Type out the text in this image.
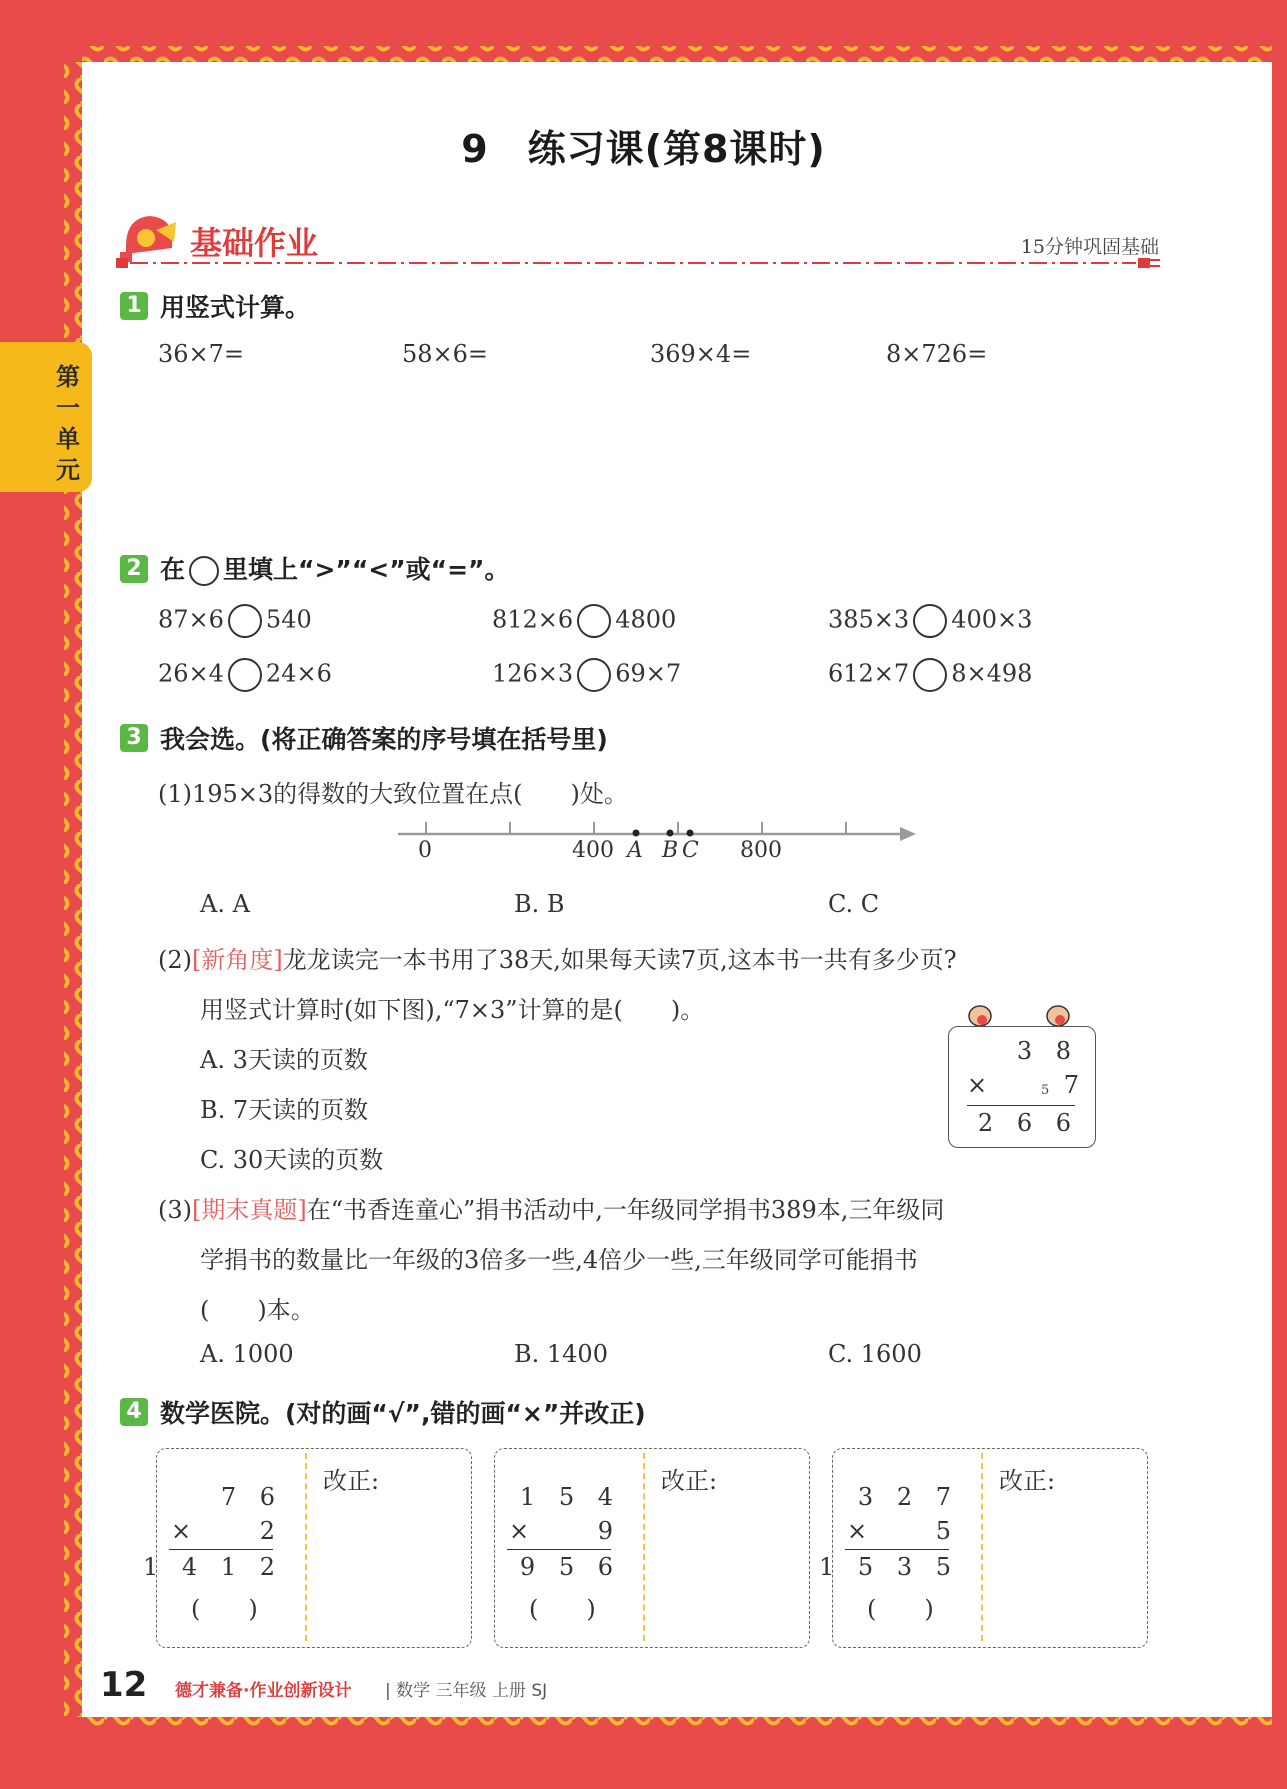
第一单元
9　练习课(第8课时)
基础作业	15分钟巩固基础
1 用竖式计算。
36×7=	58×6=	369×4=	8×726=
2 在 里填上“>”“<”或“=”。
87×6 540	812×6 4800	385×3 400×3
26×4 24×6	126×3 69×7	612×7 8×498
3 我会选。(将正确答案的序号填在括号里)
(1)195×3的得数的大致位置在点(　　)处。
0	400 A B C 800
A. A	B. B	C. C
(2)[新角度]龙龙读完一本书用了38天,如果每天读7页,这本书一共有多少页?
用竖式计算时(如下图),“7×3”计算的是(　　)。
A. 3天读的页数
B. 7天读的页数
C. 30天读的页数
3 8
×	5 7
2 6 6
(3)[期末真题]在“书香连童心”捐书活动中,一年级同学捐书389本,三年级同
学捐书的数量比一年级的3倍多一些,4倍少一些,三年级同学可能捐书
(　　)本。
A. 1000	B. 1400	C. 1600
4 数学医院。(对的画“√”,错的画“×”并改正)
7 6
×	2
1 4 1 2
(　　)
改正:
1 5 4
×	9
9 5 6
(　　)
改正:
3 2 7
×	5
1 5 3 5
(　　)
改正:
12 德才兼备·作业创新设计 | 数学 三年级 上册 SJ
